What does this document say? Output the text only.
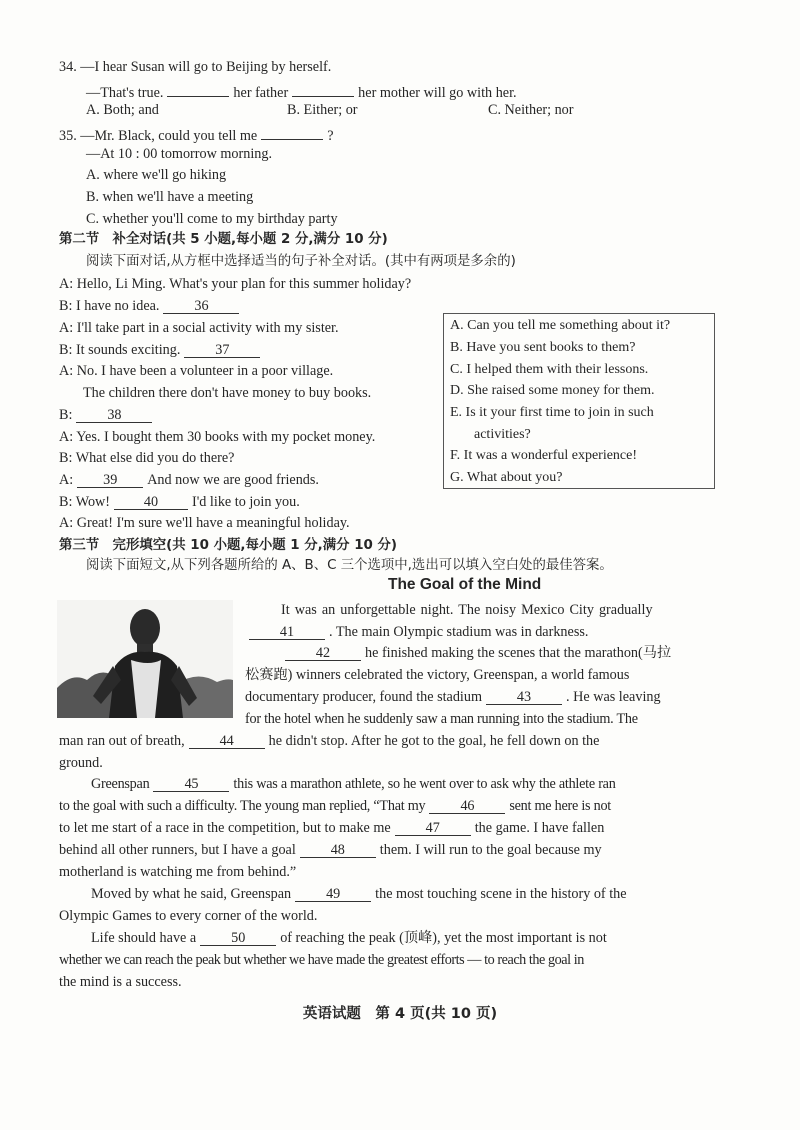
34. —I hear Susan will go to Beijing by herself.
—That's true.	her father	her mother will go with her.
A. Both; and	B. Either; or	C. Neither; nor
35. —Mr. Black, could you tell me	?
—At 10 : 00 tomorrow morning.
A. where we'll go hiking
B. when we'll have a meeting
C. whether you'll come to my birthday party
第二节　补全对话(共 5 小题,每小题 2 分,满分 10 分)
阅读下面对话,从方框中选择适当的句子补全对话。(其中有两项是多余的)
A: Hello, Li Ming. What's your plan for this summer holiday?
B: I have no idea. 36
A: I'll take part in a social activity with my sister.
B: It sounds exciting. 37
A: No. I have been a volunteer in a poor village.
The children there don't have money to buy books.
B: 38
A: Yes. I bought them 30 books with my pocket money.
B: What else did you do there?
A: 39 And now we are good friends.
B: Wow! 40 I'd like to join you.
A: Great! I'm sure we'll have a meaningful holiday.
A. Can you tell me something about it?
B. Have you sent books to them?
C. I helped them with their lessons.
D. She raised some money for them.
E. Is it your first time to join in such
activities?
F. It was a wonderful experience!
G. What about you?
第三节　完形填空(共 10 小题,每小题 1 分,满分 10 分)
阅读下面短文,从下列各题所给的 A、B、C 三个选项中,选出可以填入空白处的最佳答案。
The Goal of the Mind
It was an unforgettable night. The noisy Mexico City gradually
41 . The main Olympic stadium was in darkness.
42 he finished making the scenes that the marathon(马拉
松赛跑) winners celebrated the victory, Greenspan, a world famous
documentary producer, found the stadium 43 . He was leaving
for the hotel when he suddenly saw a man running into the stadium. The
man ran out of breath, 44 he didn't stop. After he got to the goal, he fell down on the
ground.
Greenspan 45 this was a marathon athlete, so he went over to ask why the athlete ran
to the goal with such a difficulty. The young man replied, “That my 46 sent me here is not
to let me start of a race in the competition, but to make me 47 the game. I have fallen
behind all other runners, but I have a goal 48 them. I will run to the goal because my
motherland is watching me from behind.”
Moved by what he said, Greenspan 49 the most touching scene in the history of the
Olympic Games to every corner of the world.
Life should have a 50 of reaching the peak (顶峰), yet the most important is not
whether we can reach the peak but whether we have made the greatest efforts — to reach the goal in
the mind is a success.
英语试题　第 4 页(共 10 页)
